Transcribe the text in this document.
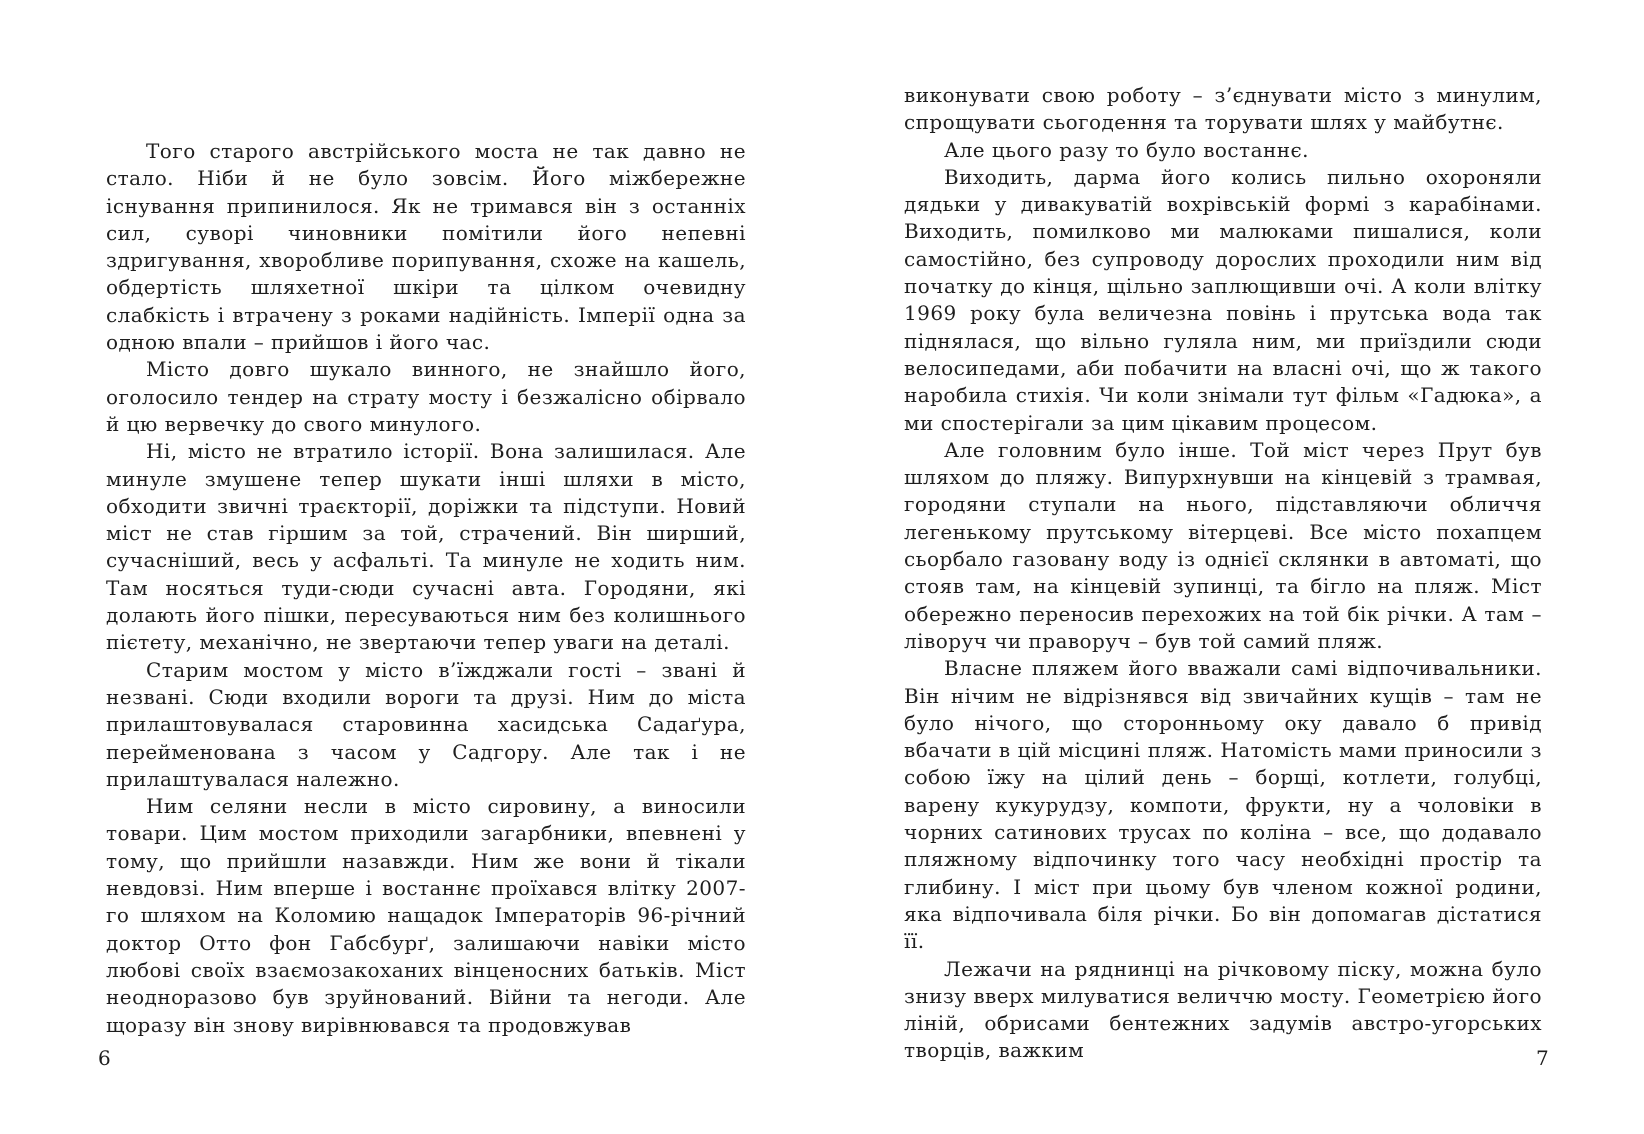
Того старого австрійського моста не так давно не стало. Ніби й не було зовсім. Його міжбережне існування припинилося. Як не тримався він з останніх сил, суворі чиновники помітили його непевні здригування, хворобливе порипування, схоже на кашель, обдертість шляхетної шкіри та цілком очевидну слабкість і втрачену з роками надійність. Імперії одна за одною впали – прийшов і його час.

Місто довго шукало винного, не знайшло його, оголосило тендер на страту мосту і безжалісно обірвало й цю вервечку до свого минулого.

Ні, місто не втратило історії. Вона залишилася. Але минуле змушене тепер шукати інші шляхи в місто, обходити звичні траєкторії, доріжки та підступи. Новий міст не став гіршим за той, страчений. Він ширший, сучасніший, весь у асфальті. Та минуле не ходить ним. Там носяться туди-сюди сучасні авта. Городяни, які долають його пішки, пересуваються ним без колишнього пієтету, механічно, не звертаючи тепер уваги на деталі.

Старим мостом у місто в’їжджали гості – звані й незвані. Сюди входили вороги та друзі. Ним до міста прилаштовувалася старовинна хасидська Садаґура, перейменована з часом у Садгору. Але так і не прилаштувалася належно.

Ним селяни несли в місто сировину, а виносили товари. Цим мостом приходили загарбники, впевнені у тому, що прийшли назавжди. Ним же вони й тікали невдовзі. Ним вперше і востаннє проїхався влітку 2007-го шляхом на Коломию нащадок Імператорів 96-річний доктор Отто фон Габсбурґ, залишаючи навіки місто любові своїх взаємозакоханих вінценосних батьків. Міст неодноразово був зруйнований. Війни та негоди. Але щоразу він знову вирівнювався та продовжував

6

виконувати свою роботу – з’єднувати місто з минулим, спрощувати сьогодення та торувати шлях у майбутнє.

Але цього разу то було востаннє.

Виходить, дарма його колись пильно охороняли дядьки у дивакуватій вохрівській формі з карабінами. Виходить, помилково ми малюками пишалися, коли самостійно, без супроводу дорослих проходили ним від початку до кінця, щільно заплющивши очі. А коли влітку 1969 року була величезна повінь і прутська вода так піднялася, що вільно гуляла ним, ми приїздили сюди велосипедами, аби побачити на власні очі, що ж такого наробила стихія. Чи коли знімали тут фільм «Гадюка», а ми спостерігали за цим цікавим процесом.

Але головним було інше. Той міст через Прут був шляхом до пляжу. Випурхнувши на кінцевій з трамвая, городяни ступали на нього, підставляючи обличчя легенькому прутському вітерцеві. Все місто похапцем сьорбало газовану воду із однієї склянки в автоматі, що стояв там, на кінцевій зупинці, та бігло на пляж. Міст обережно переносив перехожих на той бік річки. А там – ліворуч чи праворуч – був той самий пляж.

Власне пляжем його вважали самі відпочивальники. Він нічим не відрізнявся від звичайних кущів – там не було нічого, що сторонньому оку давало б привід вбачати в цій місцині пляж. Натомість мами приносили з собою їжу на цілий день – борщі, котлети, голубці, варену кукурудзу, компоти, фрукти, ну а чоловіки в чорних сатинових трусах по коліна – все, що додавало пляжному відпочинку того часу необхідні простір та глибину. І міст при цьому був членом кожної родини, яка відпочивала біля річки. Бо він допомагав дістатися її.

Лежачи на ряднинці на річковому піску, можна було знизу вверх милуватися величчю мосту. Геометрією його ліній, обрисами бентежних задумів австро-угорських творців, важким	7
